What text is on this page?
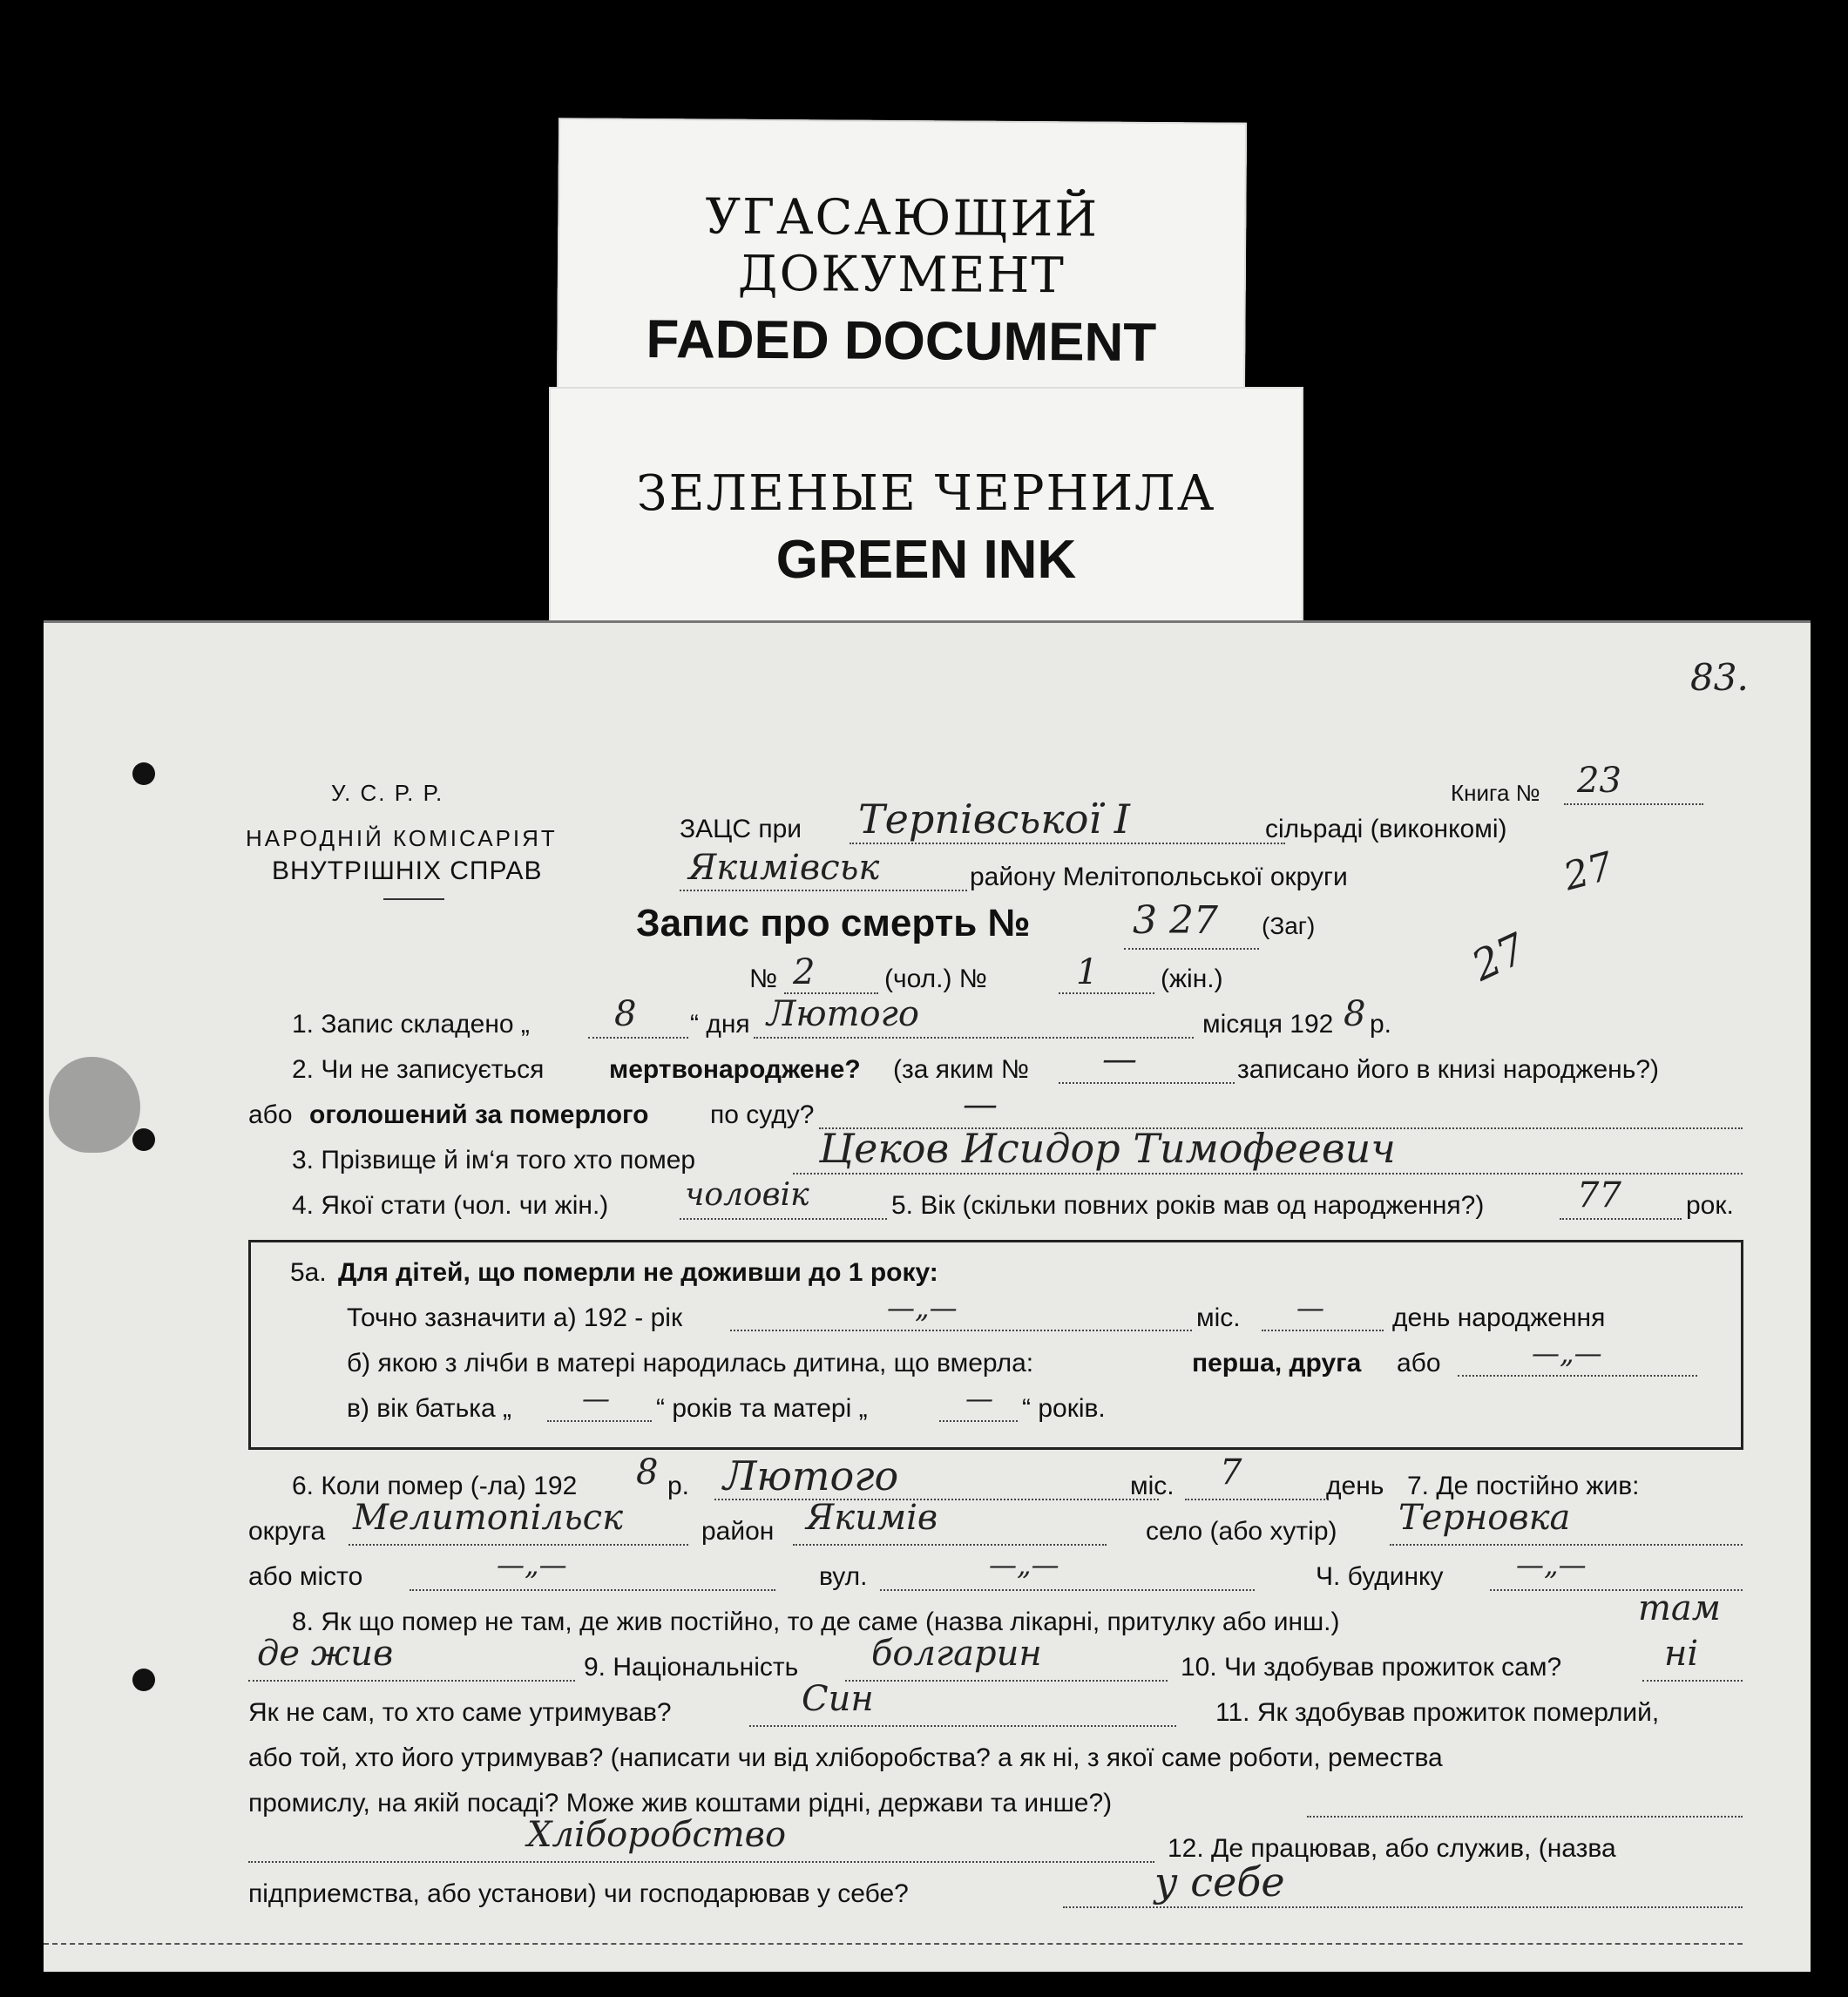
УГАСАЮЩИЙ ДОКУМЕНТ
FADED DOCUMENT
ЗЕЛЕНЫЕ ЧЕРНИЛА
GREEN INK
83.
У. С. Р. Р.
НАРОДНІЙ КОМІСАРІЯТ
ВНУТРІШНІХ СПРАВ
Книга № 23
ЗАЦС при Терпівської I	сільраді (виконкомі)
Якимівськ	району Мелітопольської округи
Запис про смерть №	3 27 (Заг)
27
27
№ 2	(чол.) №	1 (жін.)
1. Запис складено „ 8 “ дня Лютого	місяця 192 8 р.
2. Чи не записується мертвонароджене? (за яким № —	записано його в книзі народжень?)
або оголошений за померлого по суду?	—
3. Прізвище й ім‘я того хто помер	Цеков Исидор Тимофеевич
4. Якої стати (чол. чи жін.) чоловік	5. Вік (скільки повних років мав од народження?)	77 рок.
5а. Для дітей, що померли не доживши до 1 року:
Точно зазначити а) 192 - рік	—„—	міс. —	день народження
б) якою з лічби в матері народилась дитина, що вмерла:	перша, друга або	—„—
в) вік батька „	— “ років та матері „	— “ років.
6. Коли помер (-ла) 192 8 р. Лютого	міс. 7	день 7. Де постійно жив:
округа Мелитопільск	район Якимів	село (або хутір) Терновка
або місто	—„—	вул.	—„—	Ч. будинку	—„—
8. Як що помер не там, де жив постійно, то де саме (назва лікарні, притулку або инш.)	там
де жив	9. Національність болгарин	10. Чи здобував прожиток сам?	ні
Як не сам, то хто саме утримував?	Син	11. Як здобував прожиток померлий,
або той, хто його утримував? (написати чи від хліборобства? а як ні, з якої саме роботи, ремества
промислу, на якій посаді? Може жив коштами рідні, держави та инше?)
Хліборобство	12. Де працював, або служив, (назва
підприемства, або установи) чи господарював у себе?	у себе
